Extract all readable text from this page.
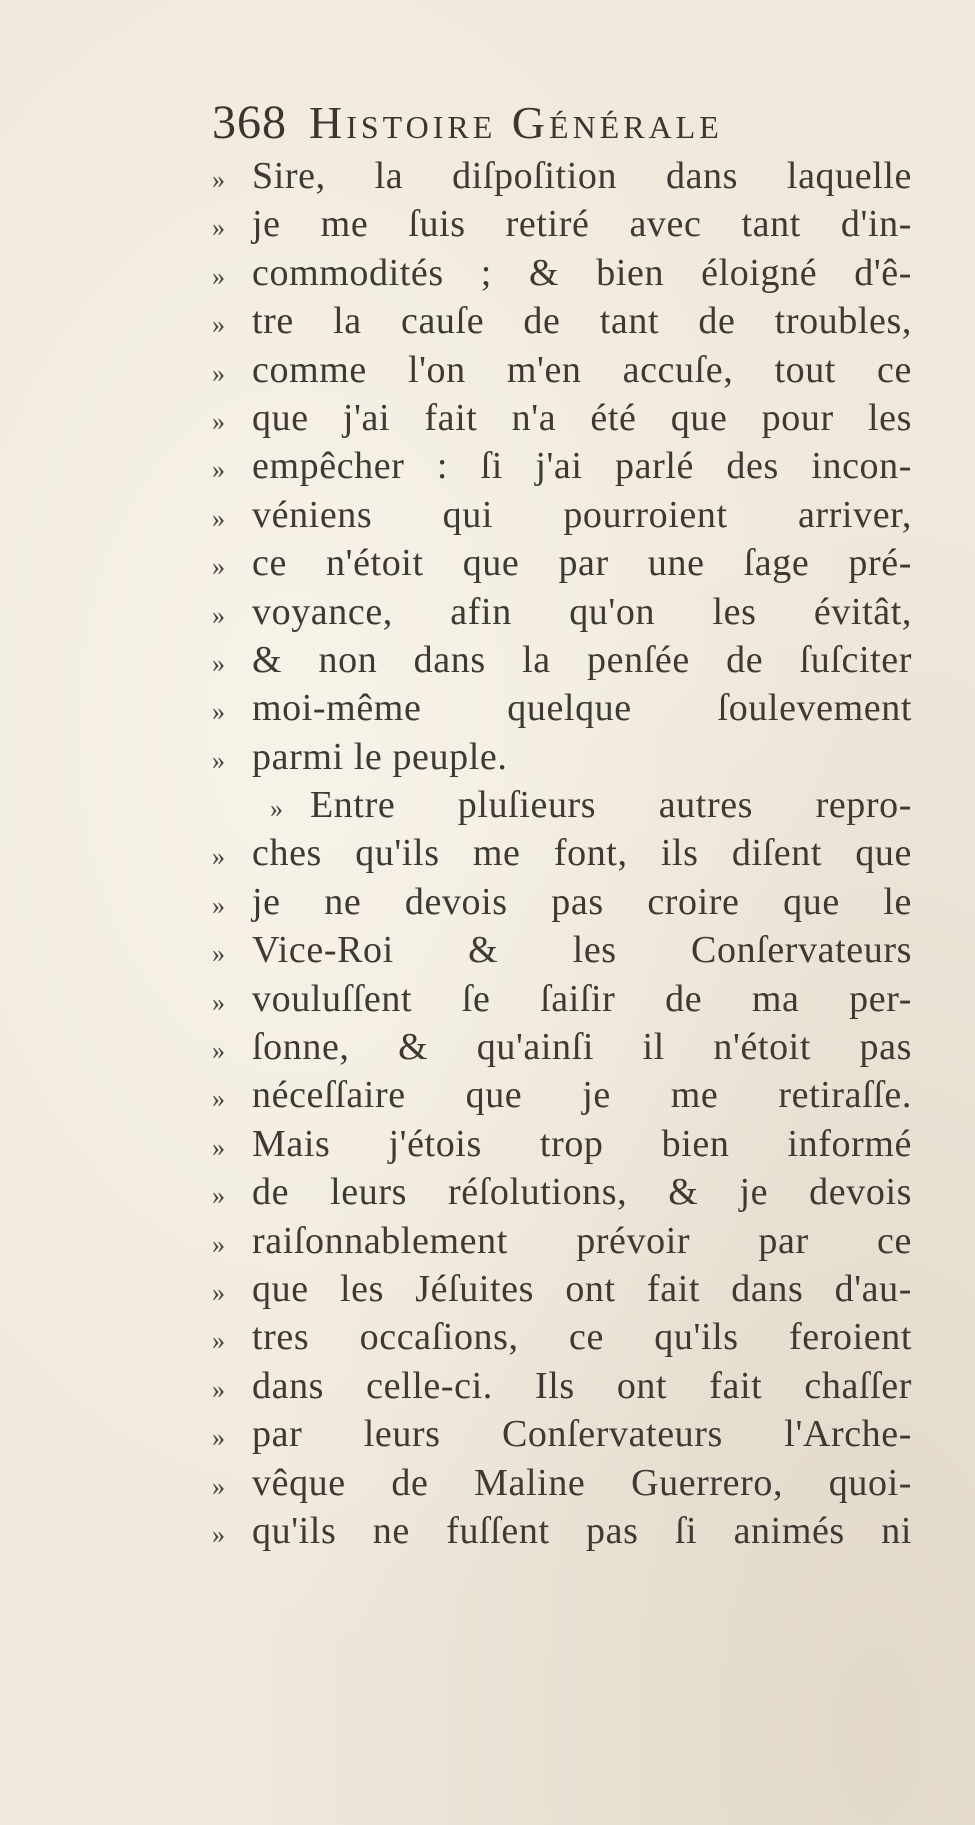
368 Histoire Générale
» Sire, la diſpoſition dans laquelle
» je me ſuis retiré avec tant d'in-
» commodités ; & bien éloigné d'ê-
» tre la cauſe de tant de troubles,
» comme l'on m'en accuſe, tout ce
» que j'ai fait n'a été que pour les
» empêcher : ſi j'ai parlé des incon-
» véniens qui pourroient arriver,
» ce n'étoit que par une ſage pré-
» voyance, afin qu'on les évitât,
» & non dans la penſée de ſuſciter
» moi-même quelque ſoulevement
» parmi le peuple.
» Entre pluſieurs autres repro-
» ches qu'ils me font, ils diſent que
» je ne devois pas croire que le
» Vice-Roi & les Conſervateurs
» vouluſſent ſe ſaiſir de ma per-
» ſonne, & qu'ainſi il n'étoit pas
» néceſſaire que je me retiraſſe.
» Mais j'étois trop bien informé
» de leurs réſolutions, & je devois
» raiſonnablement prévoir par ce
» que les Jéſuites ont fait dans d'au-
» tres occaſions, ce qu'ils feroient
» dans celle-ci. Ils ont fait chaſſer
» par leurs Conſervateurs l'Arche-
» vêque de Maline Guerrero, quoi-
» qu'ils ne fuſſent pas ſi animés ni
